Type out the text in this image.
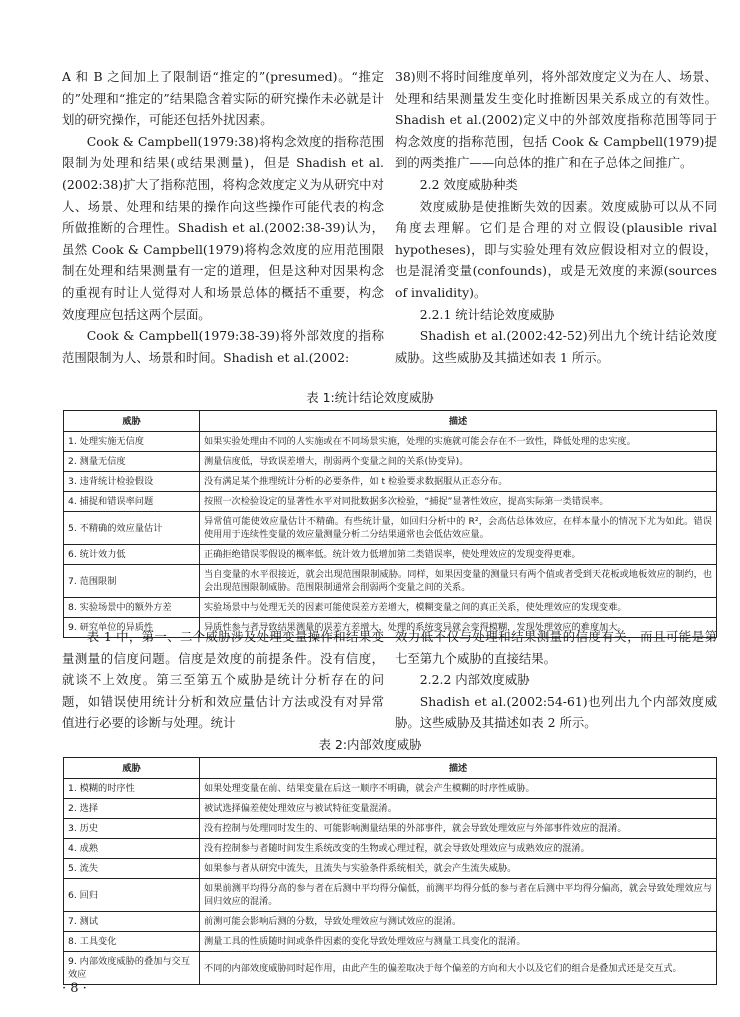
A 和 B 之间加上了限制语“推定的”(presumed)。“推定的”处理和“推定的”结果隐含着实际的研究操作未必就是计划的研究操作，可能还包括外扰因素。

Cook & Campbell(1979:38)将构念效度的指称范围限制为处理和结果(或结果测量)，但是 Shadish et al.(2002:38)扩大了指称范围，将构念效度定义为从研究中对人、场景、处理和结果的操作向这些操作可能代表的构念所做推断的合理性。Shadish et al.(2002:38-39)认为，虽然 Cook & Campbell(1979)将构念效度的应用范围限制在处理和结果测量有一定的道理，但是这种对因果构念的重视有时让人觉得对人和场景总体的概括不重要，构念效度理应包括这两个层面。

Cook & Campbell(1979:38-39)将外部效度的指称范围限制为人、场景和时间。Shadish et al.(2002:

38)则不将时间维度单列，将外部效度定义为在人、场景、处理和结果测量发生变化时推断因果关系成立的有效性。Shadish et al.(2002)定义中的外部效度指称范围等同于构念效度的指称范围，包括 Cook & Campbell(1979)提到的两类推广——向总体的推广和在子总体之间推广。

2.2 效度威胁种类

效度威胁是使推断失效的因素。效度威胁可以从不同角度去理解。它们是合理的对立假设(plausible rival hypotheses)，即与实验处理有效应假设相对立的假设，也是混淆变量(confounds)，或是无效度的来源(sources of invalidity)。

2.2.1 统计结论效度威胁

Shadish et al.(2002:42-52)列出九个统计结论效度威胁。这些威胁及其描述如表 1 所示。

表 1:统计结论效度威胁
威胁	描述
1. 处理实施无信度	如果实验处理由不同的人实施或在不同场景实施，处理的实施就可能会存在不一致性，降低处理的忠实度。
2. 测量无信度	测量信度低，导致误差增大，削弱两个变量之间的关系(协变异)。
3. 违背统计检验假设	没有满足某个推理统计分析的必要条件，如 t 检验要求数据服从正态分布。
4. 捕捉和错误率问题	按照一次检验设定的显著性水平对同批数据多次检验，“捕捉”显著性效应，提高实际第一类错误率。
5. 不精确的效应量估计	异常值可能使效应量估计不精确。有些统计量，如回归分析中的 R²，会高估总体效应，在样本量小的情况下尤为如此。错误使用用于连续性变量的效应量测量分析二分结果通常也会低估效应量。
6. 统计效力低	正确拒绝错误零假设的概率低。统计效力低增加第二类错误率，使处理效应的发现变得更难。
7. 范围限制	当自变量的水平很接近，就会出现范围限制威胁。同样，如果因变量的测量只有两个值或者受到天花板或地板效应的制约，也会出现范围限制威胁。范围限制通常会削弱两个变量之间的关系。
8. 实验场景中的额外方差	实验场景中与处理无关的因素可能使误差方差增大，模糊变量之间的真正关系，使处理效应的发现变难。
9. 研究单位的异质性	异质性参与者导致结果测量的误差方差增大，处理的系统变异就会变得模糊，发现处理效应的难度加大。

表 1 中，第一、二个威胁涉及处理变量操作和结果变量测量的信度问题。信度是效度的前提条件。没有信度，就谈不上效度。第三至第五个威胁是统计分析存在的问题，如错误使用统计分析和效应量估计方法或没有对异常值进行必要的诊断与处理。统计

效力低不仅与处理和结果测量的信度有关，而且可能是第七至第九个威胁的直接结果。

2.2.2 内部效度威胁

Shadish et al.(2002:54-61)也列出九个内部效度威胁。这些威胁及其描述如表 2 所示。

表 2:内部效度威胁
威胁	描述
1. 模糊的时序性	如果处理变量在前、结果变量在后这一顺序不明确，就会产生模糊的时序性威胁。
2. 选择	被试选择偏差使处理效应与被试特征变量混淆。
3. 历史	没有控制与处理同时发生的、可能影响测量结果的外部事件，就会导致处理效应与外部事件效应的混淆。
4. 成熟	没有控制参与者随时间发生系统改变的生物或心理过程，就会导致处理效应与成熟效应的混淆。
5. 流失	如果参与者从研究中流失，且流失与实验条件系统相关，就会产生流失威胁。
6. 回归	如果前测平均得分高的参与者在后测中平均得分偏低，前测平均得分低的参与者在后测中平均得分偏高，就会导致处理效应与回归效应的混淆。
7. 测试	前测可能会影响后测的分数，导致处理效应与测试效应的混淆。
8. 工具变化	测量工具的性质随时间或条件因素的变化导致处理效应与测量工具变化的混淆。
9. 内部效度威胁的叠加与交互效应	不同的内部效度威胁同时起作用，由此产生的偏差取决于每个偏差的方向和大小以及它们的组合是叠加式还是交互式。
· 8 ·
